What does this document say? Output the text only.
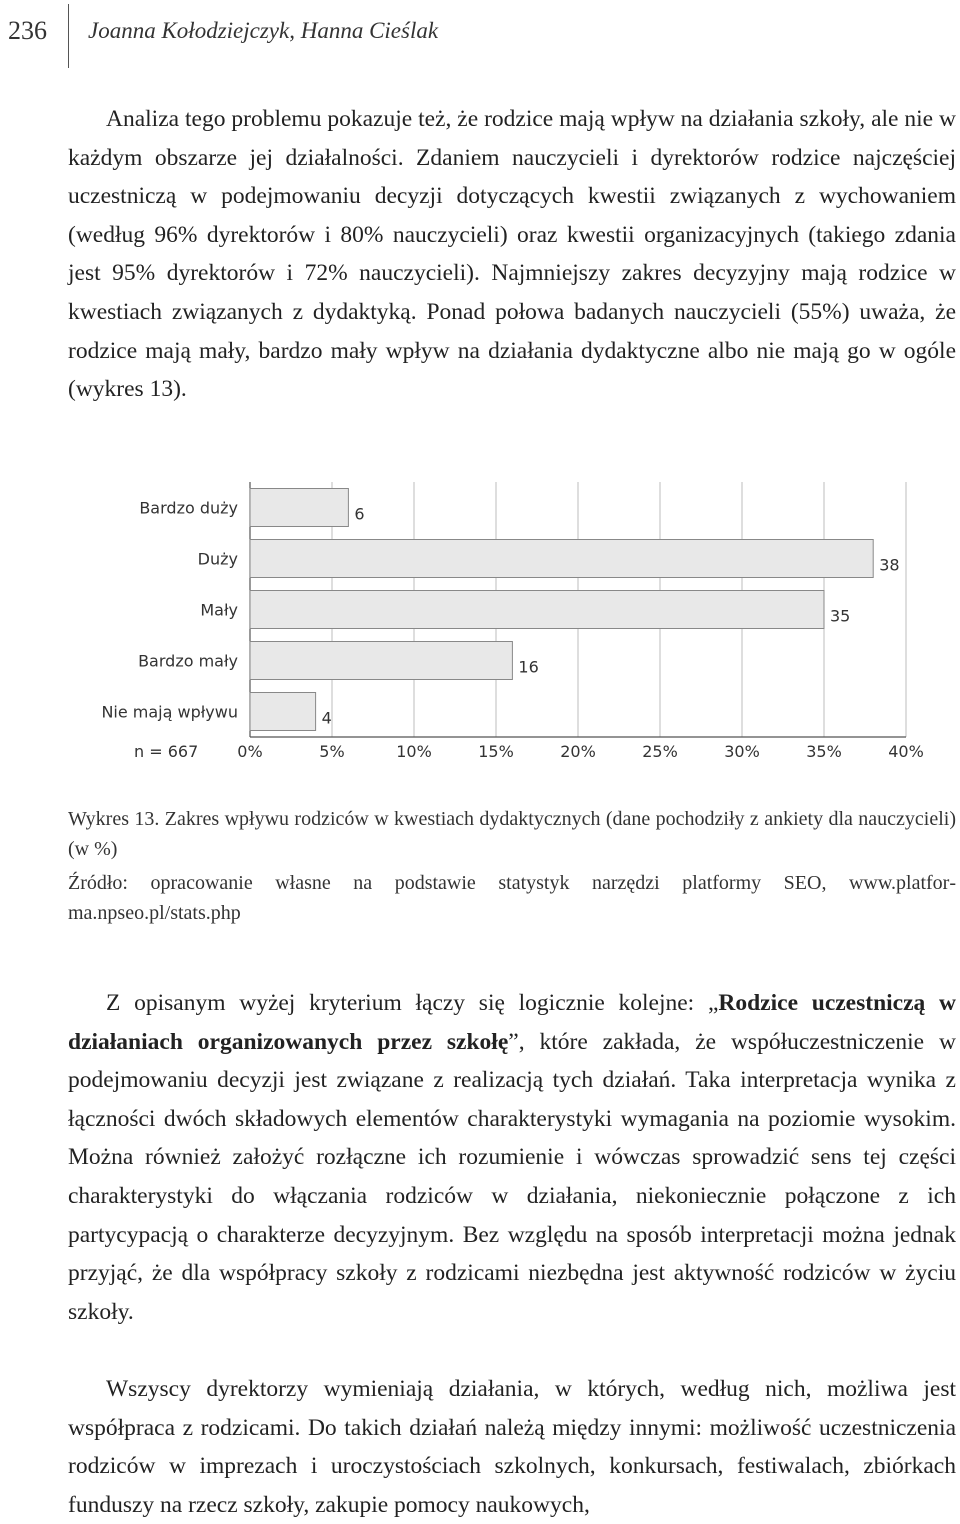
236 Joanna Kołodziejczyk, Hanna Cieślak

Analiza tego problemu pokazuje też, że rodzice mają wpływ na działania szkoły, ale nie w każdym obszarze jej działalności. Zdaniem nauczycieli i dyrektorów rodzice najczęściej uczestniczą w podejmowaniu decyzji dotyczących kwestii związanych z wychowaniem (według 96% dyrektorów i 80% nauczycieli) oraz kwestii organizacyjnych (takiego zdania jest 95% dyrektorów i 72% nauczycieli). Najmniejszy zakres decyzyjny mają rodzice w kwestiach związanych z dydaktyką. Ponad połowa badanych nauczycieli (55%) uważa, że rodzice mają mały, bardzo mały wpływ na działania dydaktyczne albo nie mają go w ogóle (wykres 13).

Bardzo duży	6
Duży	38
Mały	35
Bardzo mały	16
Nie mają wpływu	4
0%	5%	10%	15%	20%	25%	30%	35%	40%
n = 667

Wykres 13. Zakres wpływu rodziców w kwestiach dydaktycznych (dane pochodziły z ankiety dla nauczycieli) (w %)

Źródło: opracowanie własne na podstawie statystyk narzędzi platformy SEO, www.platforma.npseo.pl/stats.php

Z opisanym wyżej kryterium łączy się logicznie kolejne: „Rodzice uczestniczą w działaniach organizowanych przez szkołę”, które zakłada, że współuczestniczenie w podejmowaniu decyzji jest związane z realizacją tych działań. Taka interpretacja wynika z łączności dwóch składowych elementów charakterystyki wymagania na poziomie wysokim. Można również założyć rozłączne ich rozumienie i wówczas sprowadzić sens tej części charakterystyki do włączania rodziców w działania, niekoniecznie połączone z ich partycypacją o charakterze decyzyjnym. Bez względu na sposób interpretacji można jednak przyjąć, że dla współpracy szkoły z rodzicami niezbędna jest aktywność rodziców w życiu szkoły.

Wszyscy dyrektorzy wymieniają działania, w których, według nich, możliwa jest współpraca z rodzicami. Do takich działań należą między innymi: możliwość uczestniczenia rodziców w imprezach i uroczystościach szkolnych, konkursach, festiwalach, zbiórkach funduszy na rzecz szkoły, zakupie pomocy naukowych,
